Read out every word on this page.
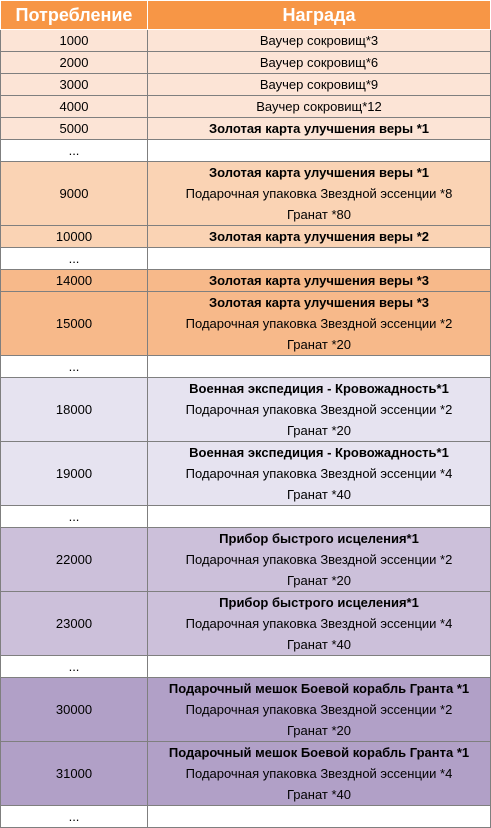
Потребление	Награда
1000	Ваучер сокровищ*3

2000	Ваучер сокровищ*6

3000	Ваучер сокровищ*9

4000	Ваучер сокровищ*12

5000	Золотая карта улучшения веры *1

...	
9000	Золотая карта улучшения веры *1
Подарочная упаковка Звездной эссенции *8
Гранат *80

10000	Золотая карта улучшения веры *2

...	
14000	Золотая карта улучшения веры *3

15000	Золотая карта улучшения веры *3
Подарочная упаковка Звездной эссенции *2
Гранат *20

...	
18000	Военная экспедиция - Кровожадность*1
Подарочная упаковка Звездной эссенции *2
Гранат *20

19000	Военная экспедиция - Кровожадность*1
Подарочная упаковка Звездной эссенции *4
Гранат *40

...	
22000	Прибор быстрого исцеления*1
Подарочная упаковка Звездной эссенции *2
Гранат *20

23000	Прибор быстрого исцеления*1
Подарочная упаковка Звездной эссенции *4
Гранат *40

...	
30000	Подарочный мешок Боевой корабль Гранта *1
Подарочная упаковка Звездной эссенции *2
Гранат *20

31000	Подарочный мешок Боевой корабль Гранта *1
Подарочная упаковка Звездной эссенции *4
Гранат *40

...	
